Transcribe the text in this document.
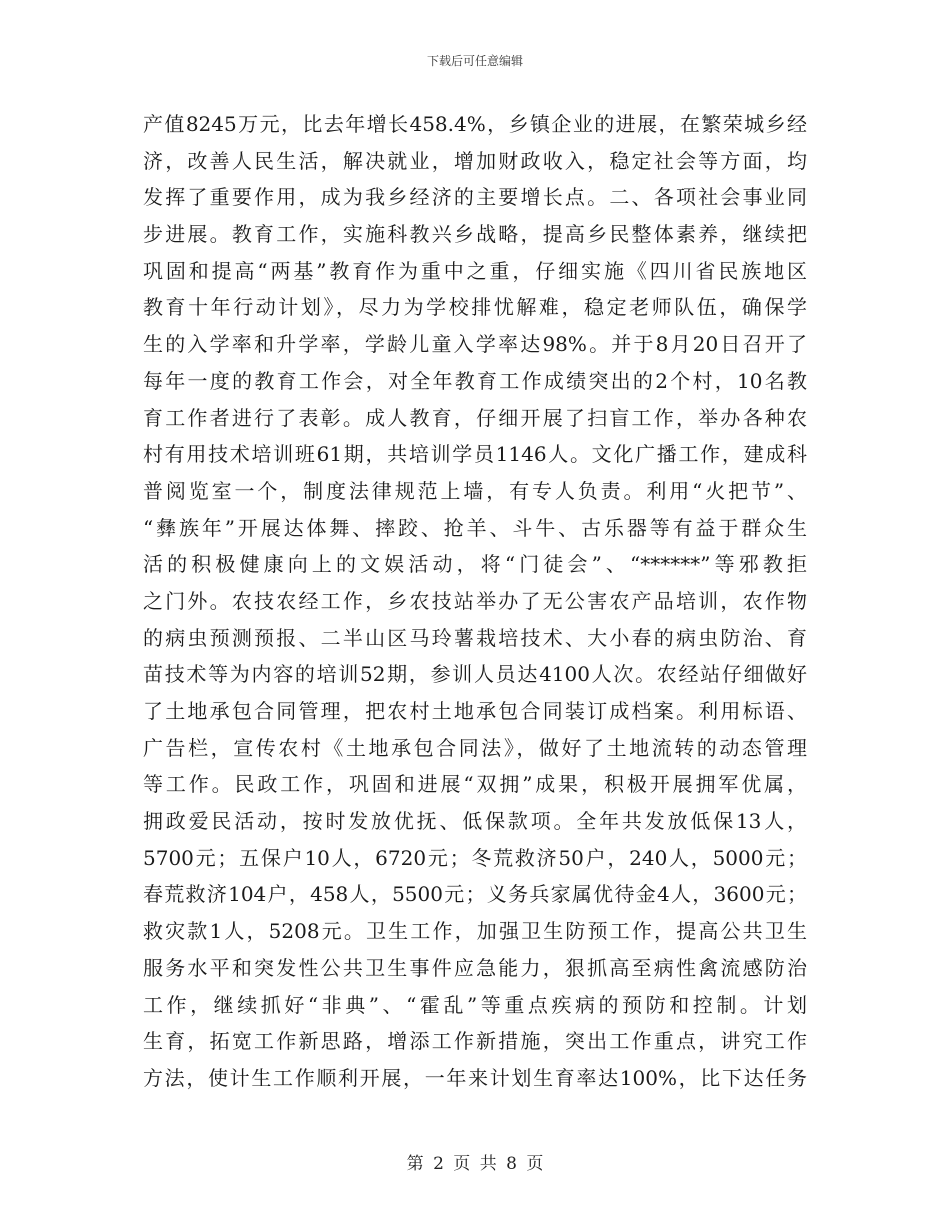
下载后可任意编辑
产值8245万元，比去年增长458.4%，乡镇企业的进展，在繁荣城乡经
济，改善人民生活，解决就业，增加财政收入，稳定社会等方面，均
发挥了重要作用，成为我乡经济的主要增长点。二、各项社会事业同
步进展。教育工作，实施科教兴乡战略，提高乡民整体素养，继续把
巩固和提高“两基”教育作为重中之重，仔细实施《四川省民族地区
教育十年行动计划》，尽力为学校排忧解难，稳定老师队伍，确保学
生的入学率和升学率，学龄儿童入学率达98%。并于8月20日召开了
每年一度的教育工作会，对全年教育工作成绩突出的2个村，10名教
育工作者进行了表彰。成人教育，仔细开展了扫盲工作，举办各种农
村有用技术培训班61期，共培训学员1146人。文化广播工作，建成科
普阅览室一个，制度法律规范上墙，有专人负责。利用“火把节”、
“彝族年”开展达体舞、摔跤、抢羊、斗牛、古乐器等有益于群众生
活的积极健康向上的文娱活动，将“门徒会”、“******”等邪教拒
之门外。农技农经工作，乡农技站举办了无公害农产品培训，农作物
的病虫预测预报、二半山区马玲薯栽培技术、大小春的病虫防治、育
苗技术等为内容的培训52期，参训人员达4100人次。农经站仔细做好
了土地承包合同管理，把农村土地承包合同装订成档案。利用标语、
广告栏，宣传农村《土地承包合同法》，做好了土地流转的动态管理
等工作。民政工作，巩固和进展“双拥”成果，积极开展拥军优属，
拥政爱民活动，按时发放优抚、低保款项。全年共发放低保13人，
5700元；五保户10人，6720元；冬荒救济50户，240人，5000元；
春荒救济104户，458人，5500元；义务兵家属优待金4人，3600元；
救灾款1人，5208元。卫生工作，加强卫生防预工作，提高公共卫生
服务水平和突发性公共卫生事件应急能力，狠抓高至病性禽流感防治
工作，继续抓好“非典”、“霍乱”等重点疾病的预防和控制。计划
生育，拓宽工作新思路，增添工作新措施，突出工作重点，讲究工作
方法，使计生工作顺利开展，一年来计划生育率达100%，比下达任务
第 2 页 共 8 页
